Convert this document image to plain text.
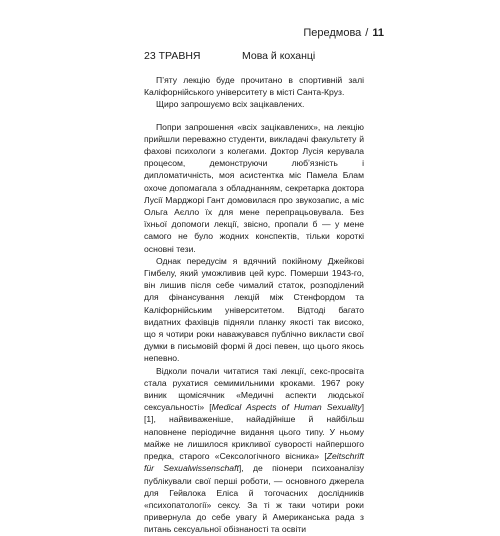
Передмова / 11
23 ТРАВНЯ	Мова й коханці

П’яту лекцію буде прочитано в спортивній залі Каліфорнійського університету в місті Санта-Круз.

Щиро запрошуємо всіх зацікавлених.

Попри запрошення «всіх зацікавлених», на лекцію прийшли переважно студенти, викладачі факультету й фахові психологи з колегами. Доктор Лусія керувала процесом, демонструючи любʼязність і дипломатичність, моя асистентка міс Памела Блам охоче допомагала з обладнанням, секретарка доктора Лусії Марджорі Гант домовилася про звукозапис, а міс Ольга Аєлло їх для мене перепрацьовувала. Без їхньої допомоги лекції, звісно, пропали б — у мене самого не було жодних конспектів, тільки короткі основні тези.

Однак передусім я вдячний покійному Джейкові Гімбелу, який уможливив цей курс. Померши 1943-го, він лишив після себе чималий статок, розподілений для фінансування лекцій між Стенфордом та Каліфорнійським університетом. Відтоді багато видатних фахівців підняли планку якості так високо, що я чотири роки наважувався публічно викласти свої думки в письмовій формі й досі певен, що цього якось непевно.

Відколи почали читатися такі лекції, секс-просвіта стала рухатися семимильними кроками. 1967 року виник щомісячник «Медичні аспекти людської сексуальності» [Medical Aspects of Human Sexuality] [1], найвиваженіше, найадійніше й найбільш наповнене періодичне видання цього типу. У ньому майже не лишилося крикливої суворості найпершого предка, старого «Сексологічного вісника» [Zeitschrift für Sexualwissenschaft], де піонери психоаналізу публікували свої перші роботи, — основного джерела для Гейвлока Еліса й тогочасних дослідників «психопатології» сексу. За ті ж таки чотири роки привернула до себе увагу й Американська рада з питань сексуальної обізнаності та освіти
